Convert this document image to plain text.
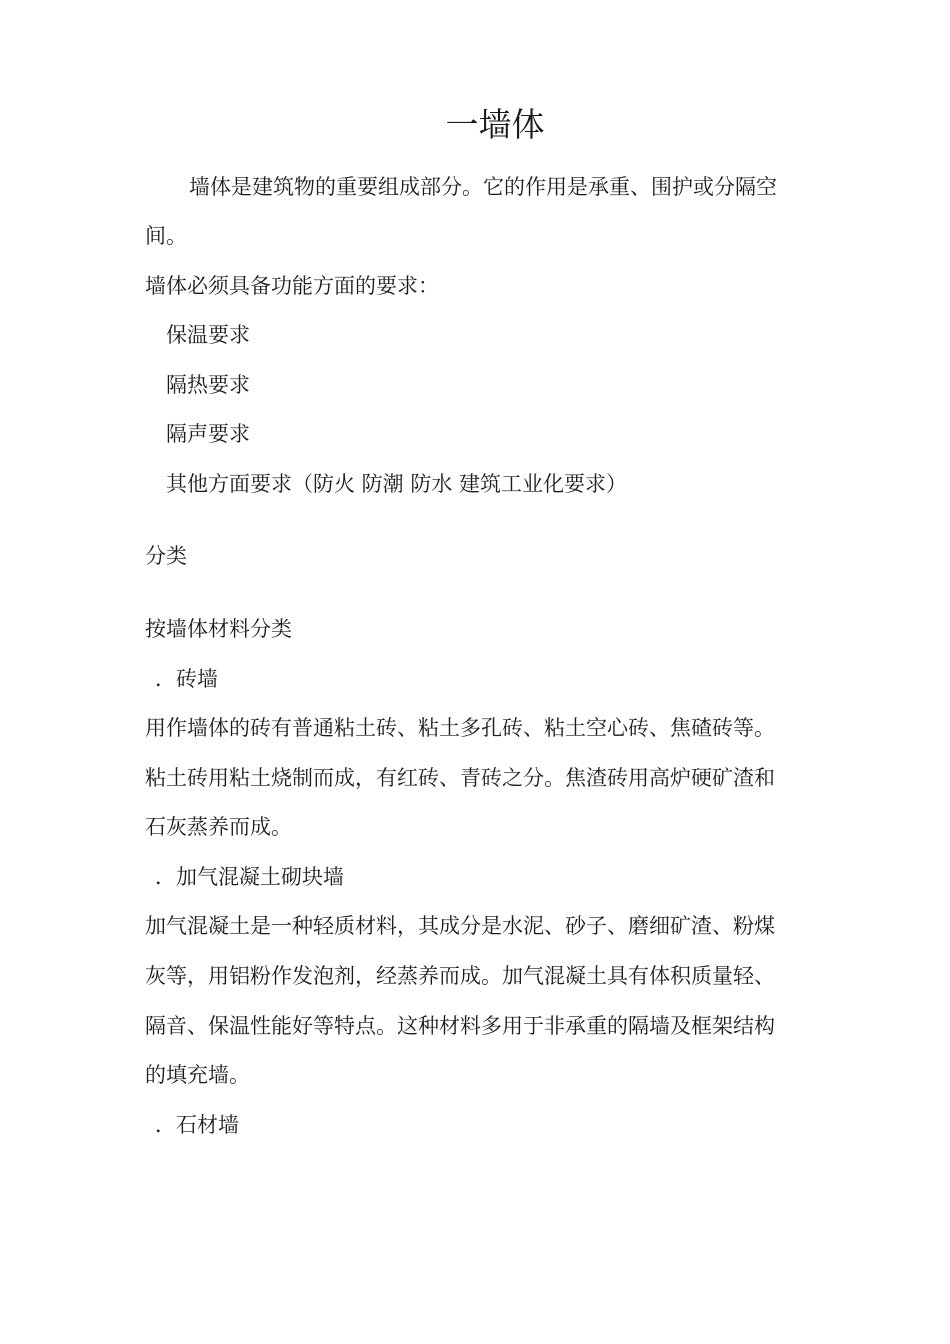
一墙体

墙体是建筑物的重要组成部分。它的作用是承重、围护或分隔空

间。

墙体必须具备功能方面的要求：

保温要求

隔热要求

隔声要求

其他方面要求（防火 防潮 防水 建筑工业化要求）

分类

按墙体材料分类

．砖墙

用作墙体的砖有普通粘土砖、粘土多孔砖、粘土空心砖、焦碴砖等。

粘土砖用粘土烧制而成，有红砖、青砖之分。焦渣砖用高炉硬矿渣和

石灰蒸养而成。

．加气混凝土砌块墙

加气混凝土是一种轻质材料，其成分是水泥、砂子、磨细矿渣、粉煤

灰等，用铝粉作发泡剂，经蒸养而成。加气混凝土具有体积质量轻、

隔音、保温性能好等特点。这种材料多用于非承重的隔墙及框架结构

的填充墙。

．石材墙
